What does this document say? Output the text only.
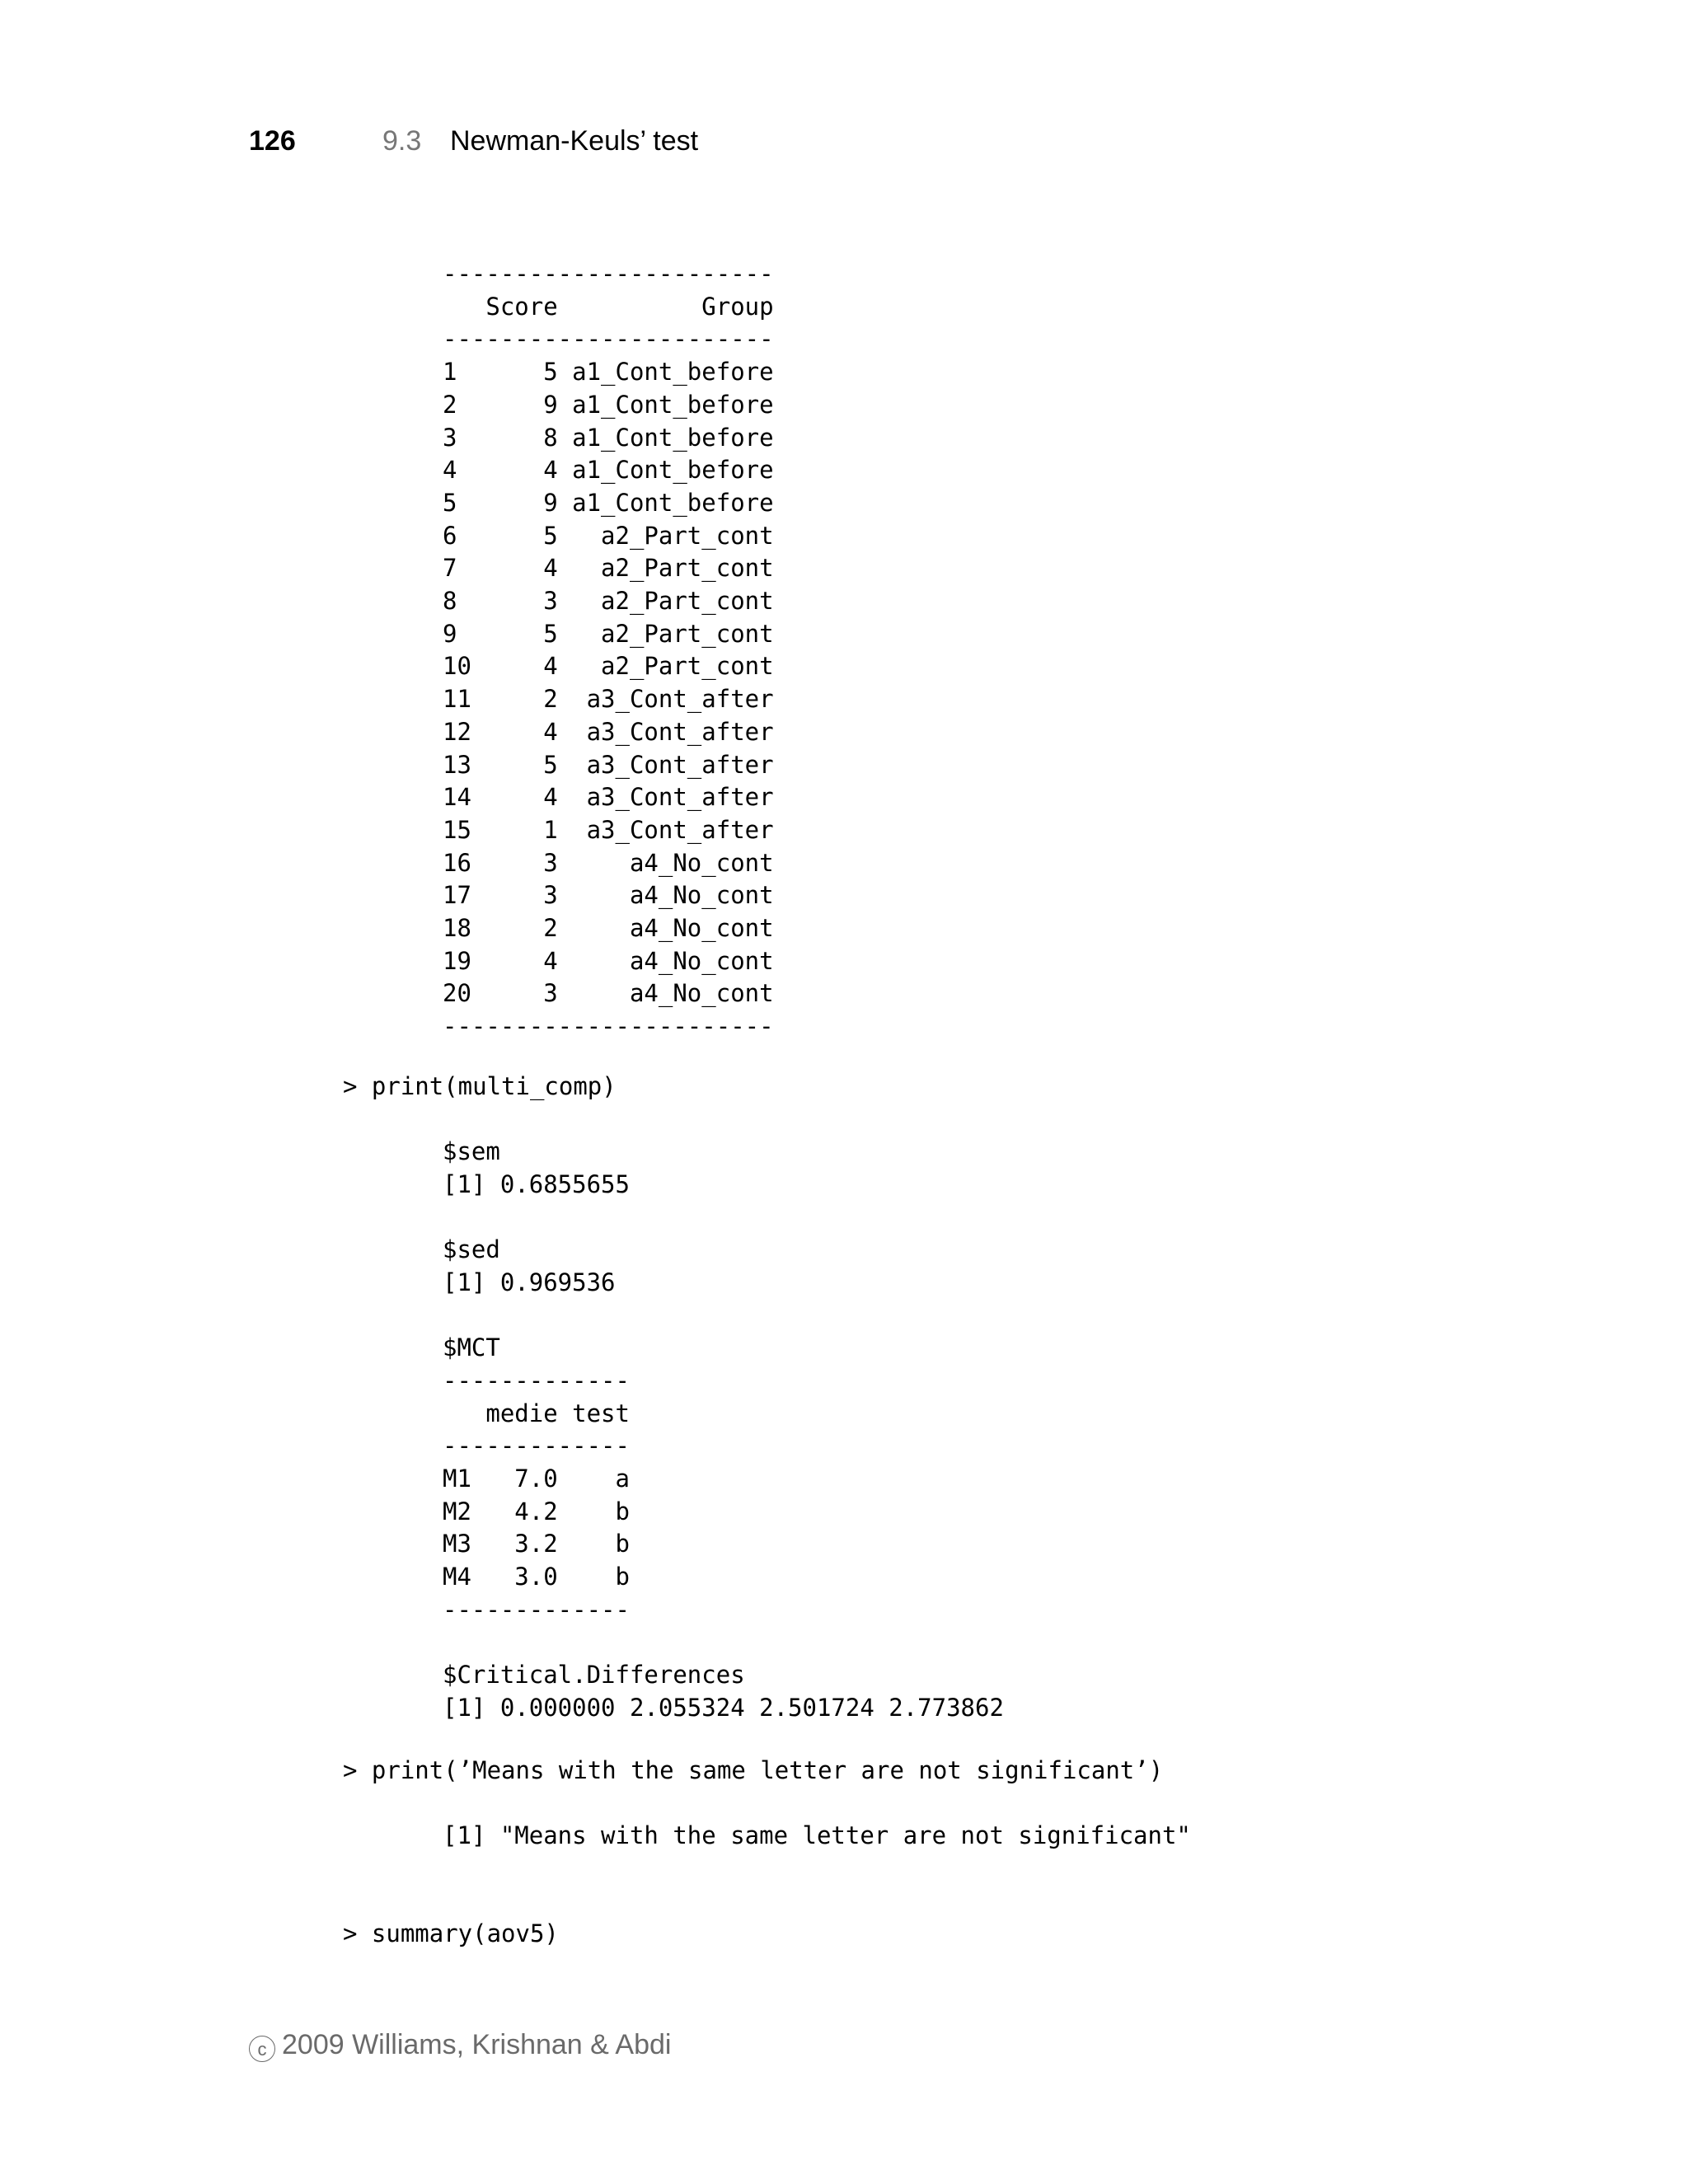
126	9.3	Newman-Keuls’ test
-----------------------
Score          Group
-----------------------
1      5 a1_Cont_before
2      9 a1_Cont_before
3      8 a1_Cont_before
4      4 a1_Cont_before
5      9 a1_Cont_before
6      5   a2_Part_cont
7      4   a2_Part_cont
8      3   a2_Part_cont
9      5   a2_Part_cont
10     4   a2_Part_cont
11     2  a3_Cont_after
12     4  a3_Cont_after
13     5  a3_Cont_after
14     4  a3_Cont_after
15     1  a3_Cont_after
16     3     a4_No_cont
17     3     a4_No_cont
18     2     a4_No_cont
19     4     a4_No_cont
20     3     a4_No_cont
-----------------------
> print(multi_comp)
$sem
[1] 0.6855655

$sed
[1] 0.969536

$MCT
-------------
medie test
-------------
M1   7.0    a
M2   4.2    b
M3   3.2    b
M4   3.0    b
-------------

$Critical.Differences
[1] 0.000000 2.055324 2.501724 2.773862
> print(’Means with the same letter are not significant’)
[1] "Means with the same letter are not significant"
> summary(aov5)
c 2009 Williams, Krishnan & Abdi
